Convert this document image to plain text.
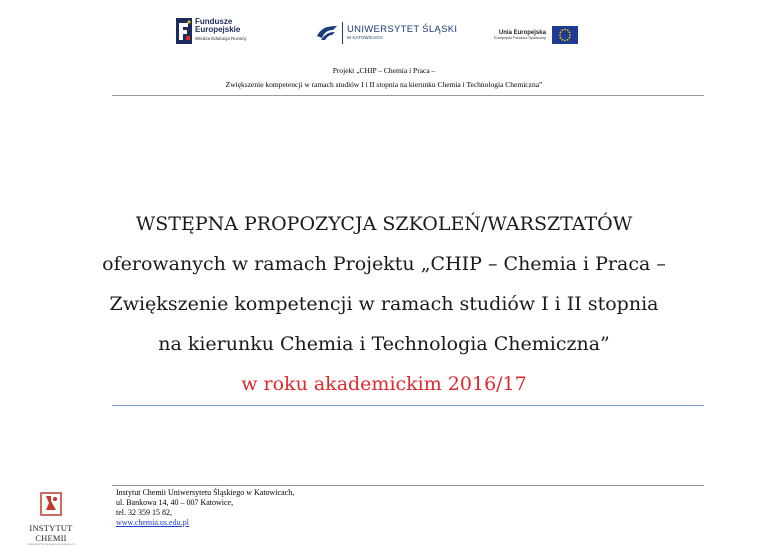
Fundusze
Europejskie
Wiedza Edukacja Rozwój
UNIWERSYTET ŚLĄSKI
W KATOWICACH
Unia Europejska
Europejski Fundusz Społeczny
Projekt „CHIP – Chemia i Praca –
Zwiększenie kompetencji w ramach studiów I i II stopnia na kierunku Chemia i Technologia Chemiczna”
WSTĘPNA PROPOZYCJA SZKOLEŃ/WARSZTATÓW
oferowanych w ramach Projektu „CHIP – Chemia i Praca –
Zwiększenie kompetencji w ramach studiów I i II stopnia
na kierunku Chemia i Technologia Chemiczna”
w roku akademickim 2016/17
INSTYTUT CHEMII
UNIWERSYTET ŚLĄSKI W KATOWICACH
Instytut Chemii Uniwersytetu Śląskiego w Katowicach,
ul. Bankowa 14, 40 – 007 Katowice,
tel. 32 359 15 82,
www.chemia.us.edu.pl
